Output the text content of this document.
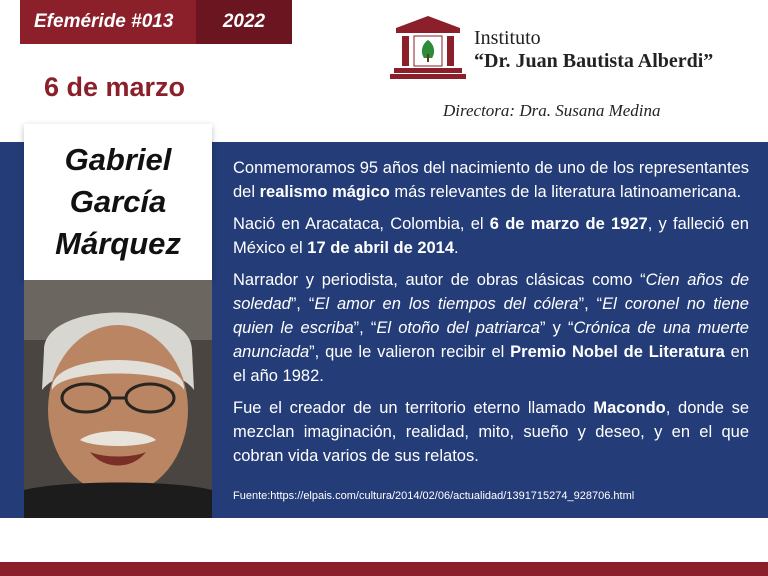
Efeméride #013	2022
6 de marzo
Instituto
“Dr. Juan Bautista Alberdi”
Directora: Dra. Susana Medina
Gabriel
García
Márquez

Conmemoramos 95 años del nacimiento de uno de los representantes del realismo mágico más relevantes de la literatura latinoamericana.

Nació en Aracataca, Colombia, el 6 de marzo de 1927, y falleció en México el 17 de abril de 2014.

Narrador y periodista, autor de obras clásicas como “Cien años de soledad”, “El amor en los tiempos del cólera”, “El coronel no tiene quien le escriba”, “El otoño del patriarca” y “Crónica de una muerte anunciada”, que le valieron recibir el Premio Nobel de Literatura en el año 1982.

Fue el creador de un territorio eterno llamado Macondo, donde se mezclan imaginación, realidad, mito, sueño y deseo, y en el que cobran vida varios de sus relatos.

Fuente:https://elpais.com/cultura/2014/02/06/actualidad/1391715274_928706.html
